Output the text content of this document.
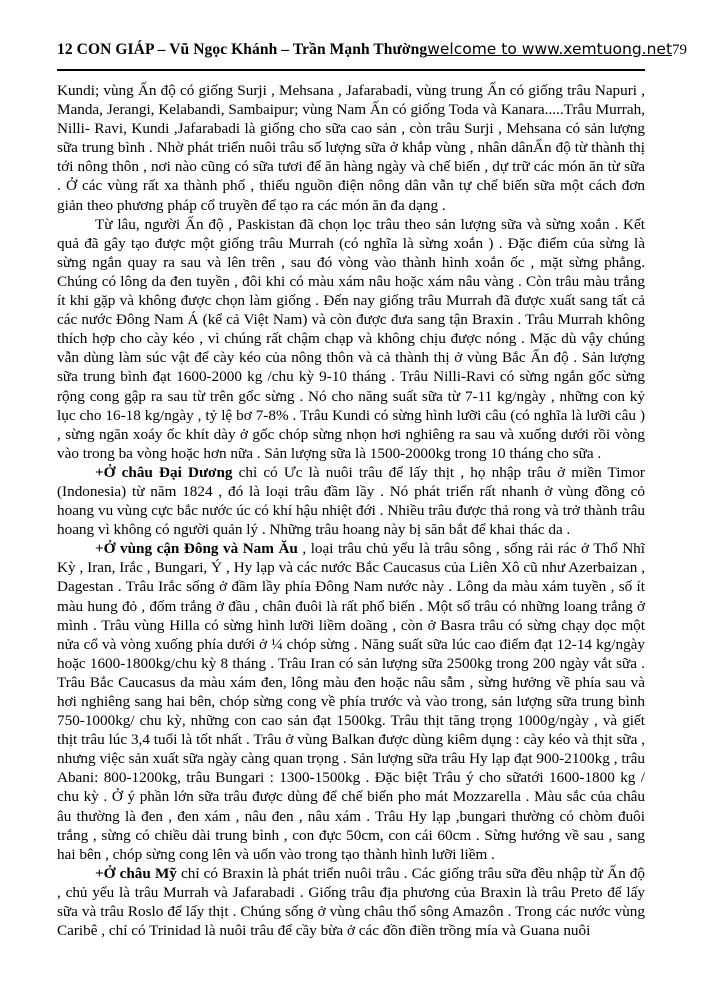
12 CON GIÁP – Vũ Ngọc Khánh – Trần Mạnh Thường welcome to www.xemtuong.net79

Kundi; vùng Ấn độ có giống Surji , Mehsana , Jafarabadi, vùng trung Ấn có giống trâu Napuri , Manda, Jerangi, Kelabandi, Sambaipur; vùng Nam Ấn có giống Toda và Kanara.....Trâu Murrah, Nilli- Ravi, Kundi ,Jafarabadi là giống cho sữa cao sản , còn trâu Surji , Mehsana có sản lượng sữa trung bình . Nhờ phát triển nuôi trâu số lượng sữa ở khắp vùng , nhân dânẤn độ từ thành thị tới nông thôn , nơi nào cũng có sữa tươi để ăn hàng ngày và chế biến , dự trữ các món ăn từ sữa . Ở các vùng rất xa thành phố , thiếu nguồn điện nông dân vẫn tự chế biến sữa một cách đơn giản theo phương pháp cổ truyền để tạo ra các món ăn đa dạng .

Từ lâu, người Ấn độ , Paskistan đã chọn lọc trâu theo sản lượng sữa và sừng xoắn . Kết quả đã gây tạo được một giống trâu Murrah (có nghĩa là sừng xoắn ) . Đặc điểm của sừng là sừng ngắn quay ra sau và lên trên , sau đó vòng vào thành hình xoắn ốc , mặt sừng phẳng. Chúng có lông da đen tuyền , đôi khi có màu xám nâu hoặc xám nâu vàng . Còn trâu màu trắng ít khi gặp và không được chọn làm giống . Đến nay giống trâu Murrah đã được xuất sang tất cả các nước Đông Nam Á (kể cả Việt Nam) và còn được đưa sang tận Braxin . Trâu Murrah không thích hợp cho cày kéo , vì chúng rất chậm chạp và không chịu được nóng . Mặc dù vậy chúng vẫn dùng làm súc vật để cày kéo của nông thôn và cả thành thị ở vùng Bắc Ấn độ . Sản lượng sữa trung bình đạt 1600-2000 kg /chu kỳ 9-10 tháng . Trâu Nilli-Ravi có sừng ngắn gốc sừng rộng cong gập ra sau từ trên gốc sừng . Nó cho năng suất sữa từ 7-11 kg/ngày , những con kỷ lục cho 16-18 kg/ngày , tỷ lệ bơ 7-8% . Trâu Kundi có sừng hình lưỡi câu (có nghĩa là lưỡi câu ) , sừng ngăn xoáy ốc khít dày ở gốc chóp sừng nhọn hơi nghiêng ra sau và xuống dưới rồi vòng vào trong ba vòng hoặc hơn nữa . Sản lượng sữa là 1500-2000kg trong 10 tháng cho sữa .

+Ở châu Đại Dương chỉ có Ưc là nuôi trâu để lấy thịt , họ nhập trâu ở miền Timor (Indonesia) từ năm 1824 , đó là loại trâu đầm lầy . Nó phát triển rất nhanh ở vùng đồng cỏ hoang vu vùng cực bắc nước úc có khí hậu nhiệt đới . Nhiều trâu được thả rong và trở thành trâu hoang vì không có người quản lý . Những trâu hoang này bị săn bắt để khai thác da .

+Ở vùng cận Đông và Nam Ău , loại trâu chủ yếu là trâu sông , sống rải rác ở Thổ Nhĩ Kỳ , Iran, Irắc , Bungari, Ý , Hy lạp và các nước Bắc Caucasus của Liên Xô cũ như Azerbaizan , Dagestan . Trâu Irắc sống ở đầm lầy phía Đông Nam nước này . Lông da màu xám tuyền , số ít màu hung đỏ , đốm trắng ở đầu , chân đuôi là rất phổ biến . Một số trâu có những loang trắng ở mình . Trâu vùng Hilla có sừng hình lưỡi liềm doãng , còn ở Basra trâu có sừng chạy dọc một nửa cổ và vòng xuống phía dưới ở ¼ chóp sừng . Năng suất sữa lúc cao điểm đạt 12-14 kg/ngày hoặc 1600-1800kg/chu kỳ 8 tháng . Trâu Iran có sản lượng sữa 2500kg trong 200 ngày vắt sữa . Trâu Bắc Caucasus da màu xám đen, lông màu đen hoặc nâu sẫm , sừng hưởng về phía sau và hơi nghiêng sang hai bên, chóp sừng cong về phía trước và vào trong, sản lượng sữa trung bình 750-1000kg/ chu kỳ, những con cao sản đạt 1500kg. Trâu thịt tăng trọng 1000g/ngày , và giết thịt trâu lúc 3,4 tuổi là tốt nhất . Trâu ở vùng Balkan được dùng kiêm dụng : cày kéo và thịt sữa , nhưng việc sản xuất sữa ngày càng quan trọng . Sản lượng sữa trâu Hy lạp đạt 900-2100kg , trâu Abani: 800-1200kg, trâu Bungari : 1300-1500kg . Đặc biệt Trâu ý cho sữatới 1600-1800 kg / chu kỳ . Ở ý phần lớn sữa trâu được dùng để chế biến pho mát Mozzarella . Màu sắc của châu âu thường là đen , đen xám , nâu đen , nâu xám . Trâu Hy lạp ,bungari thường có chòm đuôi trắng , sừng có chiều dài trung bình , con đực 50cm, con cái 60cm . Sừng hướng về sau , sang hai bên , chóp sừng cong lên và uốn vào trong tạo thành hình lưỡi liềm .

+Ở châu Mỹ chỉ có Braxin là phát triển nuôi trâu . Các giống trâu sữa đều nhập từ Ấn độ , chủ yếu là trâu Murrah và Jafarabadi . Giống trâu địa phương của Braxin là trâu Preto để lấy sữa và trâu Roslo để lấy thịt . Chúng sống ở vùng châu thổ sông Amazôn . Trong các nước vùng Caribê , chỉ có Trinidad là nuôi trâu để cầy bừa ở các đồn điền trồng mía và Guana nuôi
